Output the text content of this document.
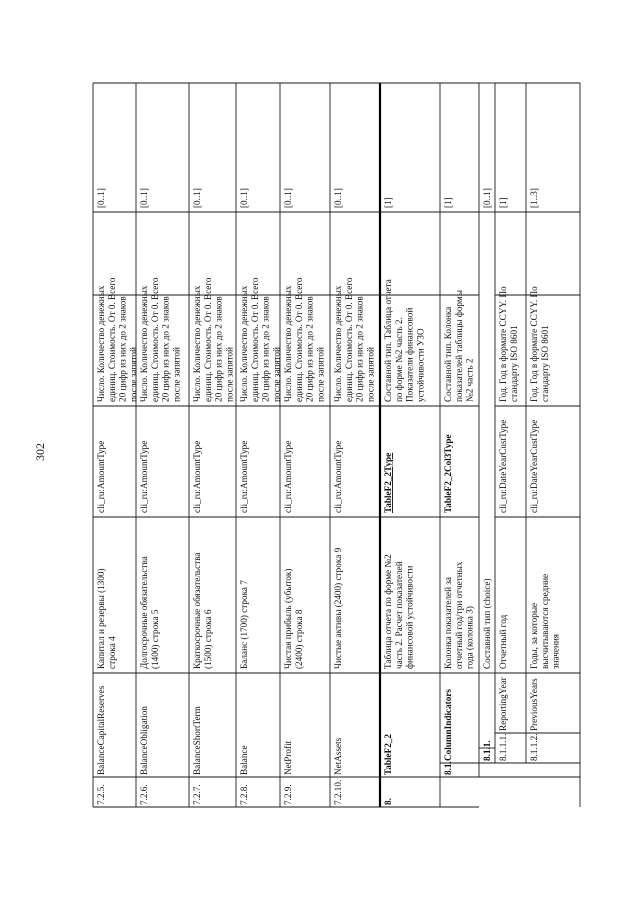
302
7.2.5.
BalanceCapitalReserves
Капитал и резервы (1300) строка 4
cli_ru:AmountType
Число. Количество денежных единиц. Стоимость. От 0. Всего 20 цифр из них до 2 знаков после запятой
[0..1]
7.2.6.
BalanceObligation
Долгосрочные обязательства (1400) строка 5
cli_ru:AmountType
Число. Количество денежных единиц. Стоимость. От 0. Всего 20 цифр из них до 2 знаков после запятой
[0..1]
7.2.7.
BalanceShortTerm
Краткосрочные обязательства (1500) строка 6
cli_ru:AmountType
Число. Количество денежных единиц. Стоимость. От 0. Всего 20 цифр из них до 2 знаков после запятой
[0..1]
7.2.8.
Balance
Баланс (1700) строка 7
cli_ru:AmountType
Число. Количество денежных единиц. Стоимость. От 0. Всего 20 цифр из них до 2 знаков после запятой
[0..1]
7.2.9.
NetProfit
Чистая прибыль (убыток) (2400) строка 8
cli_ru:AmountType
Число. Количество денежных единиц. Стоимость. От 0. Всего 20 цифр из них до 2 знаков после запятой
[0..1]
7.2.10.
NetAssets
Чистые активы (2400) строка 9
cli_ru:AmountType
Число. Количество денежных единиц. Стоимость. От 0. Всего 20 цифр из них до 2 знаков после запятой
[0..1]
8.
TableF2_2
Таблица отчета по форме №2 часть 2. Расчет показателей финансовой устойчивости
TableF2_2Type
Составной тип. Таблица отчета по форме №2 часть 2. Показатели финансовой устойчивости УЗО
[1]
8.1.
ColumnIndicators
Колонка показателей за отчетный год/три отчетных года (колонка 3)
TableF2_2Col3Type
Составной тип. Колонка показателей таблицы формы №2 часть 2
[1]
8.1.1.
Составной тип (choice)
[0..1]
8.1.1.1.
ReportingYear
Отчетный год
cli_ru:DateYearCustType
Год. Год в формате CCYY. По стандарту ISO 8601
[1]
8.1.1.2.
PreviousYears
Годы, за которые высчитываются средние значения
cli_ru:DateYearCustType
Год. Год в формате CCYY. По стандарту ISO 8601
[1..3]
